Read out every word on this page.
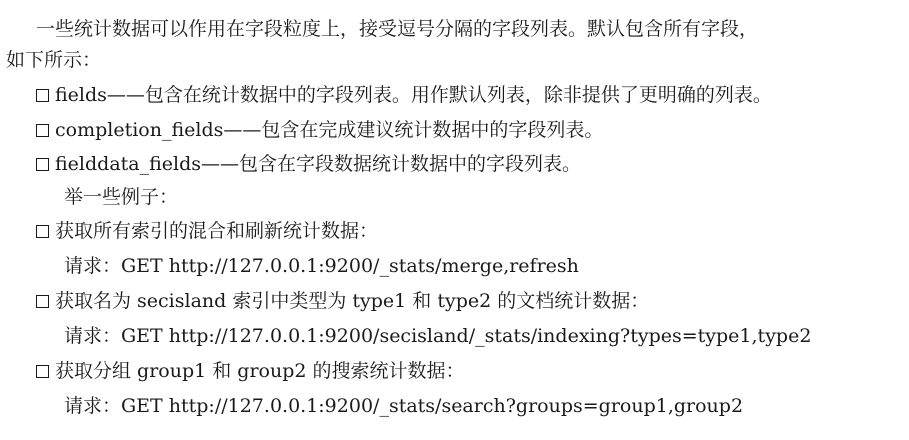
一些统计数据可以作用在字段粒度上，接受逗号分隔的字段列表。默认包含所有字段，
如下所示：
fields——包含在统计数据中的字段列表。用作默认列表，除非提供了更明确的列表。
completion_fields——包含在完成建议统计数据中的字段列表。
fielddata_fields——包含在字段数据统计数据中的字段列表。
举一些例子：
获取所有索引的混合和刷新统计数据：
请求：GET http://127.0.0.1:9200/_stats/merge,refresh
获取名为 secisland 索引中类型为 type1 和 type2 的文档统计数据：
请求：GET http://127.0.0.1:9200/secisland/_stats/indexing?types=type1,type2
获取分组 group1 和 group2 的搜索统计数据：
请求：GET http://127.0.0.1:9200/_stats/search?groups=group1,group2
